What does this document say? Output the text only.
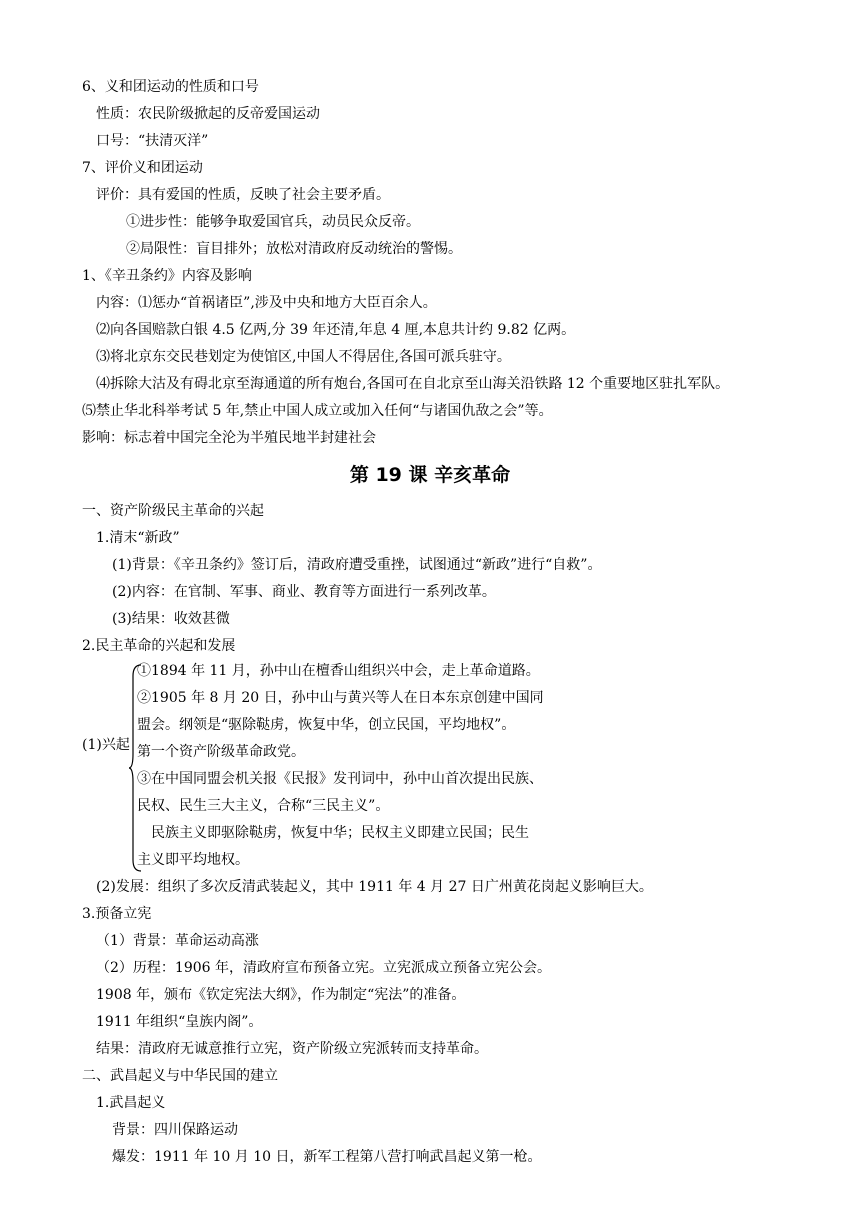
6、义和团运动的性质和口号
性质：农民阶级掀起的反帝爱国运动
口号：“扶清灭洋”
7、评价义和团运动
评价：具有爱国的性质，反映了社会主要矛盾。
①进步性：能够争取爱国官兵，动员民众反帝。
②局限性：盲目排外；放松对清政府反动统治的警惕。
1、《辛丑条约》内容及影响
内容：⑴惩办“首祸诸臣”,涉及中央和地方大臣百余人。
⑵向各国赔款白银 4.5 亿两,分 39 年还清,年息 4 厘,本息共计约 9.82 亿两。
⑶将北京东交民巷划定为使馆区,中国人不得居住,各国可派兵驻守。
⑷拆除大沽及有碍北京至海通道的所有炮台,各国可在自北京至山海关沿铁路 12 个重要地区驻扎军队。
⑸禁止华北科举考试 5 年,禁止中国人成立或加入任何“与诸国仇敌之会”等。
影响：标志着中国完全沦为半殖民地半封建社会
第 19 课 辛亥革命
一、资产阶级民主革命的兴起
1.清末“新政”
(1)背景：《辛丑条约》签订后，清政府遭受重挫，试图通过“新政”进行“自救”。
(2)内容：在官制、军事、商业、教育等方面进行一系列改革。
(3)结果：收效甚微
2.民主革命的兴起和发展
(1)兴起
①1894 年 11 月，孙中山在檀香山组织兴中会，走上革命道路。
②1905 年 8 月 20 日，孙中山与黄兴等人在日本东京创建中国同
盟会。纲领是“驱除鞑虏，恢复中华，创立民国，平均地权”。
第一个资产阶级革命政党。
③在中国同盟会机关报《民报》发刊词中，孙中山首次提出民族、
民权、民生三大主义，合称“三民主义”。
民族主义即驱除鞑虏，恢复中华；民权主义即建立民国；民生
主义即平均地权。
(2)发展：组织了多次反清武装起义，其中 1911 年 4 月 27 日广州黄花岗起义影响巨大。
3.预备立宪
（1）背景：革命运动高涨
（2）历程：1906 年，清政府宣布预备立宪。立宪派成立预备立宪公会。
1908 年，颁布《钦定宪法大纲》，作为制定“宪法”的准备。
1911 年组织“皇族内阁”。
结果：清政府无诚意推行立宪，资产阶级立宪派转而支持革命。
二、武昌起义与中华民国的建立
1.武昌起义
背景：四川保路运动
爆发：1911 年 10 月 10 日，新军工程第八营打响武昌起义第一枪。
